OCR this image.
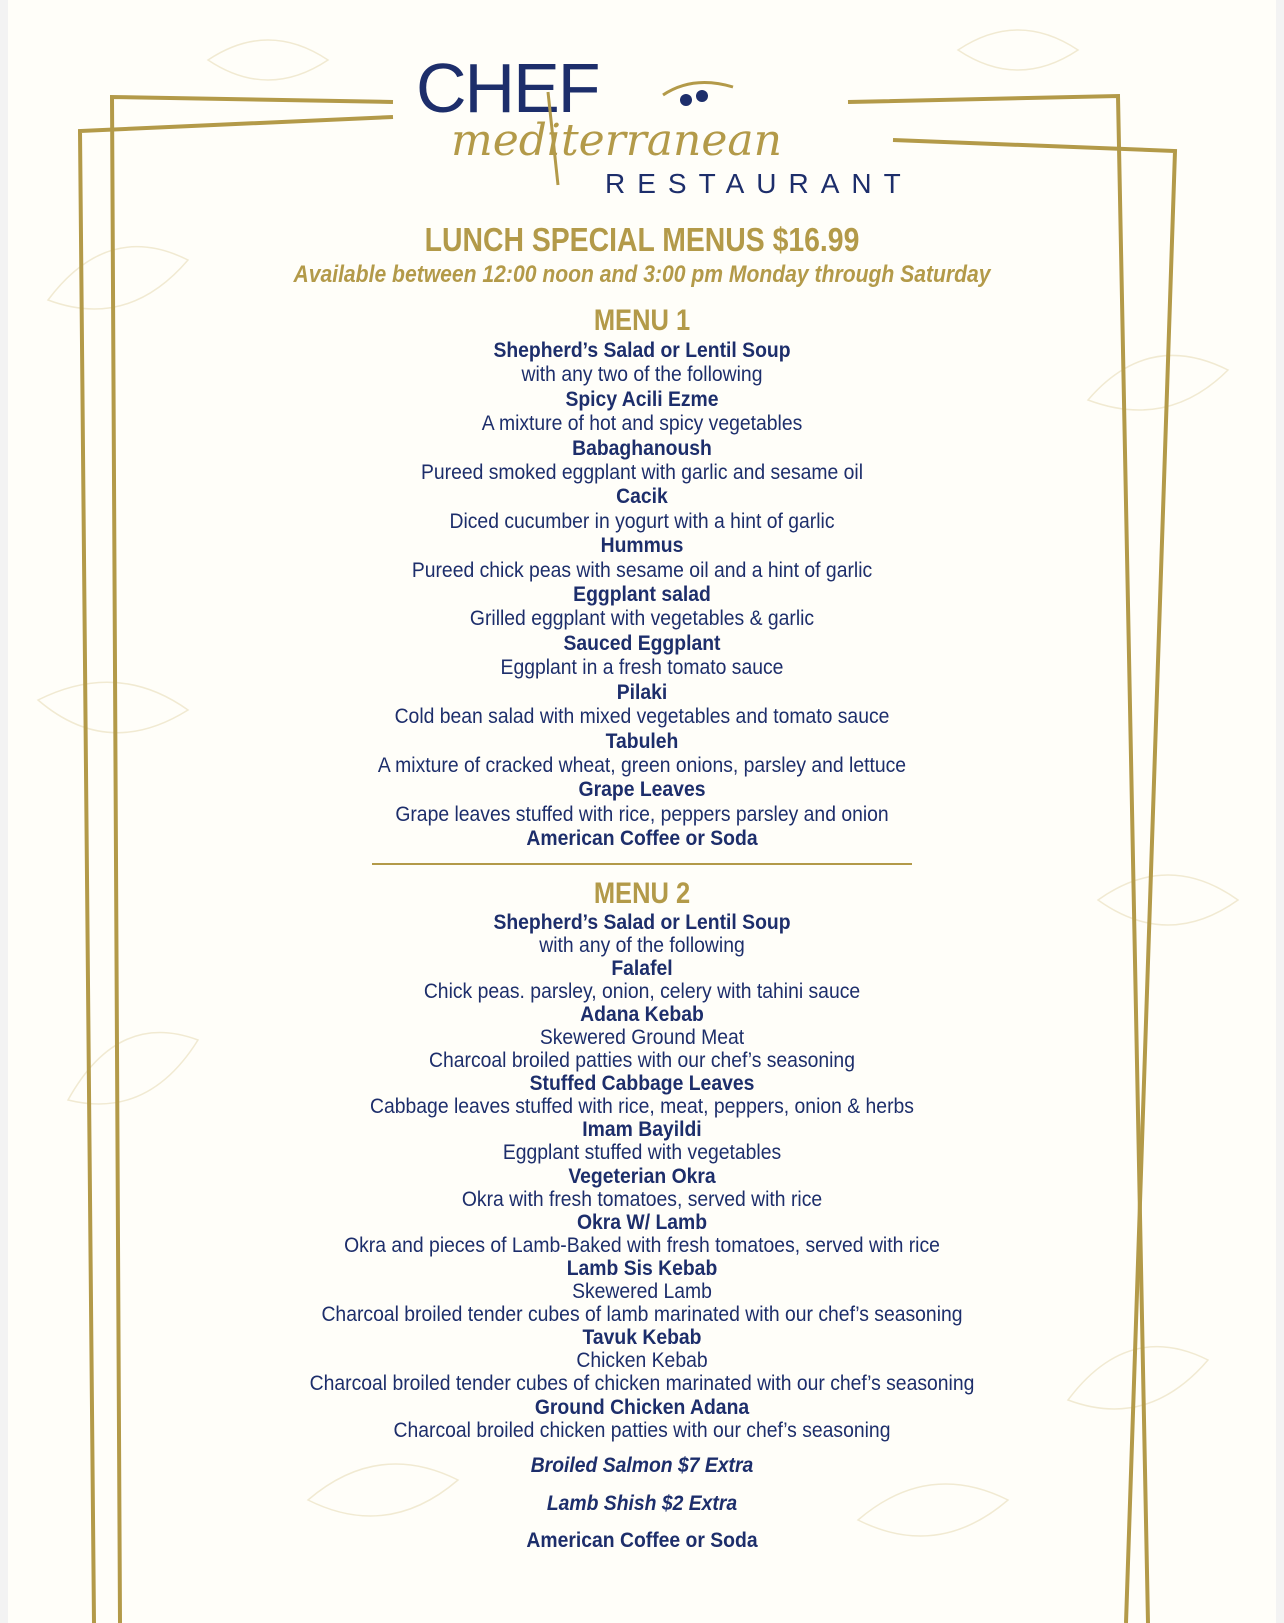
CHEF
mediterranean
RESTAURANT
LUNCH SPECIAL MENUS $16.99
Available between 12:00 noon and 3:00 pm Monday through Saturday
MENU 1
Shepherd’s Salad or Lentil Soup
with any two of the following
Spicy Acili Ezme
A mixture of hot and spicy vegetables
Babaghanoush
Pureed smoked eggplant with garlic and sesame oil
Cacik
Diced cucumber in yogurt with a hint of garlic
Hummus
Pureed chick peas with sesame oil and a hint of garlic
Eggplant salad
Grilled eggplant with vegetables & garlic
Sauced Eggplant
Eggplant in a fresh tomato sauce
Pilaki
Cold bean salad with mixed vegetables and tomato sauce
Tabuleh
A mixture of cracked wheat, green onions, parsley and lettuce
Grape Leaves
Grape leaves stuffed with rice, peppers parsley and onion
American Coffee or Soda
MENU 2
Shepherd’s Salad or Lentil Soup
with any of the following
Falafel
Chick peas. parsley, onion, celery with tahini sauce
Adana Kebab
Skewered Ground Meat
Charcoal broiled patties with our chef’s seasoning
Stuffed Cabbage Leaves
Cabbage leaves stuffed with rice, meat, peppers, onion & herbs
Imam Bayildi
Eggplant stuffed with vegetables
Vegeterian Okra
Okra with fresh tomatoes, served with rice
Okra W/ Lamb
Okra and pieces of Lamb-Baked with fresh tomatoes, served with rice
Lamb Sis Kebab
Skewered Lamb
Charcoal broiled tender cubes of lamb marinated with our chef’s seasoning
Tavuk Kebab
Chicken Kebab
Charcoal broiled tender cubes of chicken marinated with our chef’s seasoning
Ground Chicken Adana
Charcoal broiled chicken patties with our chef’s seasoning
Broiled Salmon $7 Extra
Lamb Shish $2 Extra
American Coffee or Soda
